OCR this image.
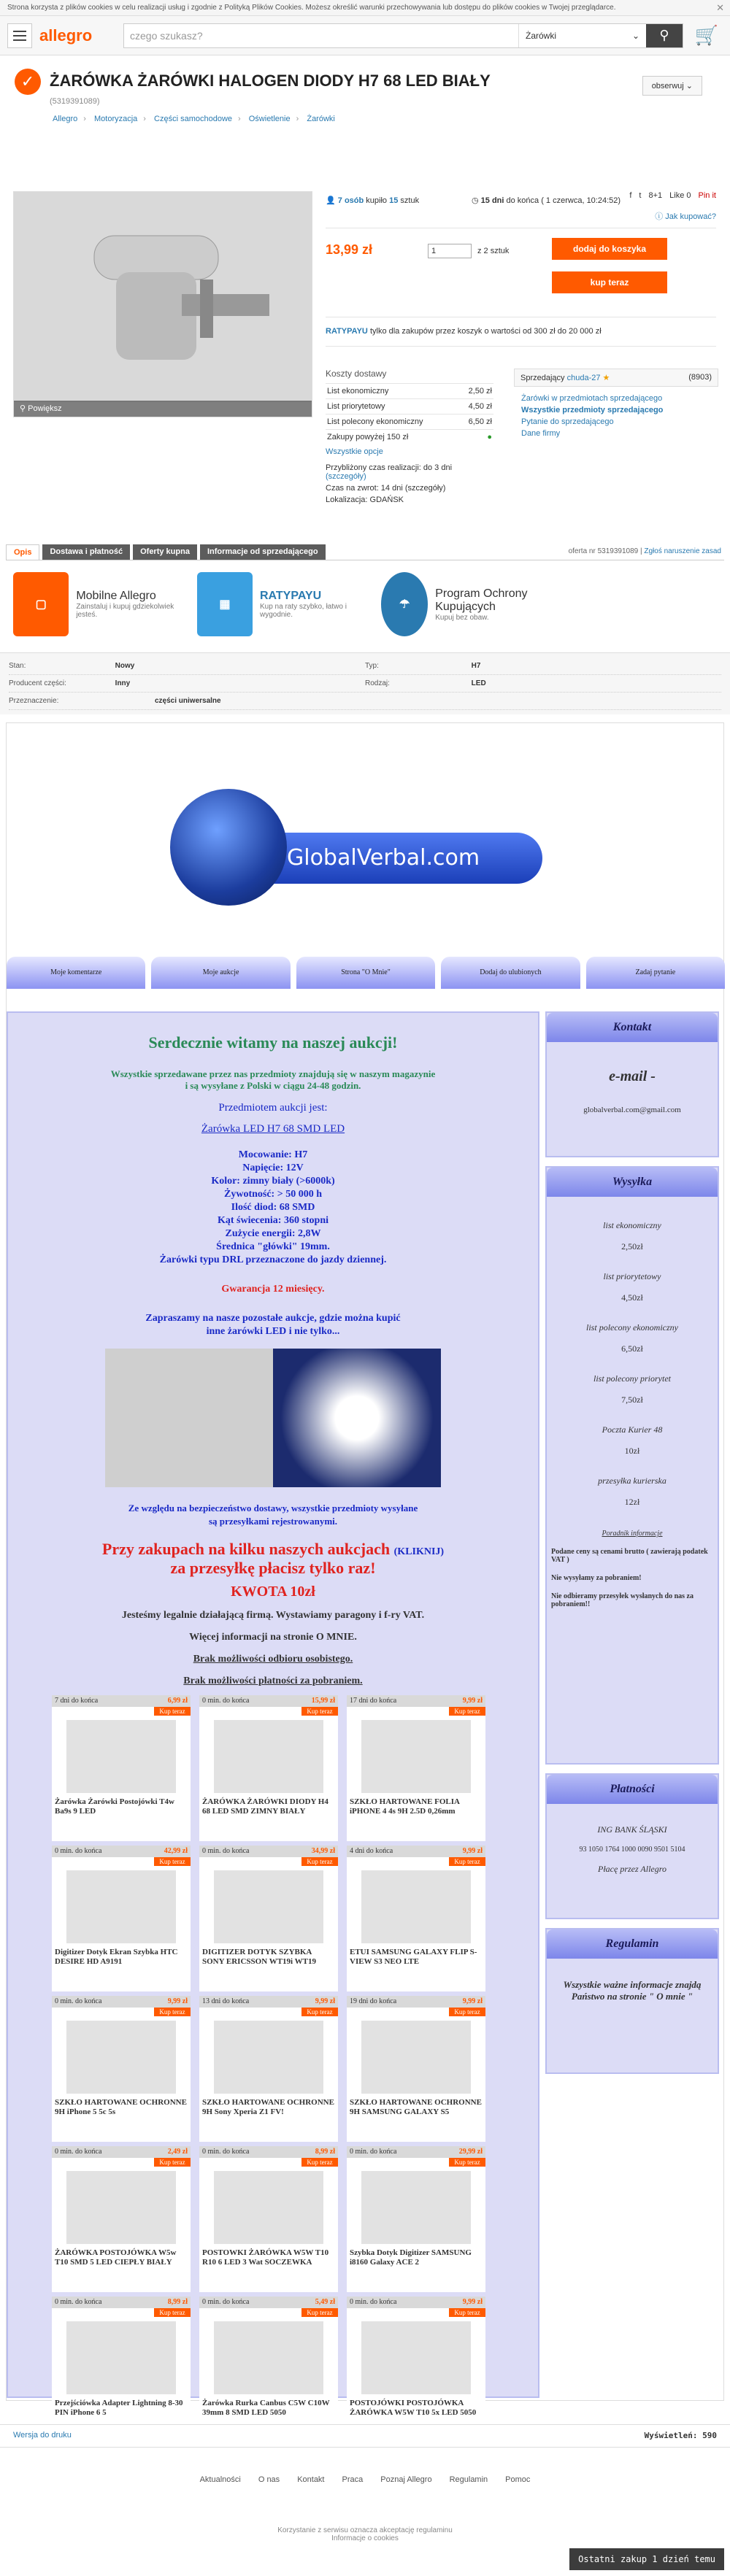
Strona korzysta z plików cookies w celu realizacji usług i zgodnie z Polityką Plików Cookies. Możesz określić warunki przechowywania lub dostępu do plików cookies w Twojej przeglądarce.	✕
allegro	czego szukasz?	Żarówki	⌄ ⚲ 🛒
✓ ŻARÓWKA ŻARÓWKI HALOGEN DIODY H7 68 LED BIAŁY	obserwuj ⌄
(5319391089)
Allegro › Motoryzacja › Części samochodowe › Oświetlenie › Żarówki
⚲ Powiększ
👤 7 osób kupiło 15 sztuk	◷ 15 dni do końca ( 1 czerwca, 10:24:52)
f t 8+1 Like 0 Pin it
ⓘ Jak kupować?
13,99 zł	1	z 2 sztuk	dodaj do koszyka
kup teraz
RATYPAYU tylko dla zakupów przez koszyk o wartości od 300 zł do 20 000 zł
Koszty dostawy
List ekonomiczny	2,50 zł
List priorytetowy	4,50 zł
List polecony ekonomiczny	6,50 zł
Zakupy powyżej 150 zł	●
Wszystkie opcje
Przybliżony czas realizacji: do 3 dni
(szczegóły)
Czas na zwrot: 14 dni (szczegóły)
Lokalizacja: GDAŃSK
Sprzedający chuda-27 ★	(8903)
Żarówki w przedmiotach sprzedającego
Wszystkie przedmioty sprzedającego
Pytanie do sprzedającego
Dane firmy
Opis	Dostawa i płatność	Oferty kupna	Informacje od sprzedającego	oferta nr 5319391089 | Zgłoś naruszenie zasad
▢
Mobilne Allegro
Zainstaluj i kupuj gdziekolwiek jesteś.
▦
RATYPAYU
Kup na raty szybko, łatwo i wygodnie.
☂
Program Ochrony Kupujących
Kupuj bez obaw.
Stan:	Nowy	Typ:	H7
Producent części:	Inny	Rodzaj:	LED
Przeznaczenie:	części uniwersalne
GlobalVerbal.com
Moje komentarze	Moje aukcje	Strona "O Mnie"	Dodaj do ulubionych	Zadaj pytanie
Serdecznie witamy na naszej aukcji!
Wszystkie sprzedawane przez nas przedmioty znajdują się w naszym magazynie
i są wysyłane z Polski w ciągu 24-48 godzin.
Przedmiotem aukcji jest:
Żarówka LED H7 68 SMD LED
Mocowanie: H7
Napięcie: 12V
Kolor: zimny biały (>6000k)
Żywotność: > 50 000 h
Ilość diod: 68 SMD
Kąt świecenia: 360 stopni
Zużycie energii: 2,8W
Średnica "główki" 19mm.
Żarówki typu DRL przeznaczone do jazdy dziennej.
Gwarancja 12 miesięcy.
Zapraszamy na nasze pozostałe aukcje, gdzie można kupić
inne żarówki LED i nie tylko...
Ze względu na bezpieczeństwo dostawy, wszystkie przedmioty wysyłane
są przesyłkami rejestrowanymi.
Przy zakupach na kilku naszych aukcjach (KLIKNIJ)
za przesyłkę płacisz tylko raz!
KWOTA 10zł
Jesteśmy legalnie działającą firmą. Wystawiamy paragony i f-ry VAT.
Więcej informacji na stronie O MNIE.
Brak możliwości odbioru osobistego.
Brak możliwości płatności za pobraniem.
7 dni do końca	6,99 zł
Kup teraz
Żarówka Żarówki Postojówki T4w Ba9s 9 LED
0 min. do końca	15,99 zł
Kup teraz
ŻARÓWKA ŻARÓWKI DIODY H4 68 LED SMD ZIMNY BIAŁY
17 dni do końca	9,99 zł
Kup teraz
SZKŁO HARTOWANE FOLIA iPHONE 4 4s 9H 2.5D 0,26mm
0 min. do końca	42,99 zł
Kup teraz
Digitizer Dotyk Ekran Szybka HTC DESIRE HD A9191
0 min. do końca	34,99 zł
Kup teraz
DIGITIZER DOTYK SZYBKA SONY ERICSSON WT19i WT19
4 dni do końca	9,99 zł
Kup teraz
ETUI SAMSUNG GALAXY FLIP S-VIEW S3 NEO LTE
0 min. do końca	9,99 zł
Kup teraz
SZKŁO HARTOWANE OCHRONNE 9H iPhone 5 5c 5s
13 dni do końca	9,99 zł
Kup teraz
SZKŁO HARTOWANE OCHRONNE 9H Sony Xperia Z1 FV!
19 dni do końca	9,99 zł
Kup teraz
SZKŁO HARTOWANE OCHRONNE 9H SAMSUNG GALAXY S5
0 min. do końca	2,49 zł
Kup teraz
ŻARÓWKA POSTOJÓWKA W5w T10 SMD 5 LED CIEPŁY BIAŁY
0 min. do końca	8,99 zł
Kup teraz
POSTOWKI ŻARÓWKA W5W T10 R10 6 LED 3 Wat SOCZEWKA
0 min. do końca	29,99 zł
Kup teraz
Szybka Dotyk Digitizer SAMSUNG i8160 Galaxy ACE 2
0 min. do końca	8,99 zł
Kup teraz
Przejściówka Adapter Lightning 8-30 PIN iPhone 6 5
0 min. do końca	5,49 zł
Kup teraz
Żarówka Rurka Canbus C5W C10W 39mm 8 SMD LED 5050
0 min. do końca	9,99 zł
Kup teraz
POSTOJÓWKI POSTOJÓWKA ŻARÓWKA W5W T10 5x LED 5050
Kontakt

e-mail -

globalverbal.com@gmail.com

Wysyłka

list ekonomiczny

2,50zł

list priorytetowy

4,50zł

list polecony ekonomiczny

6,50zł

list polecony priorytet

7,50zł

Poczta Kurier 48

10zł

przesyłka kurierska

12zł

Poradnik informacje

Podane ceny są cenami brutto ( zawierają podatek VAT )

Nie wysyłamy za pobraniem!

Nie odbieramy przesyłek wysłanych do nas za pobraniem!!

Płatności

ING BANK ŚLĄSKI

93 1050 1764 1000 0090 9501 5104

Płacę przez Allegro

Regulamin

Wszystkie ważne informacje znajdą Państwo na stronie " O mnie "

Wersja do druku	Wyświetleń: 590
Aktualności O nas Kontakt Praca Poznaj Allegro Regulamin Pomoc
Korzystanie z serwisu oznacza akceptację regulaminu
Informacje o cookies
Ostatni zakup 1 dzień temu
